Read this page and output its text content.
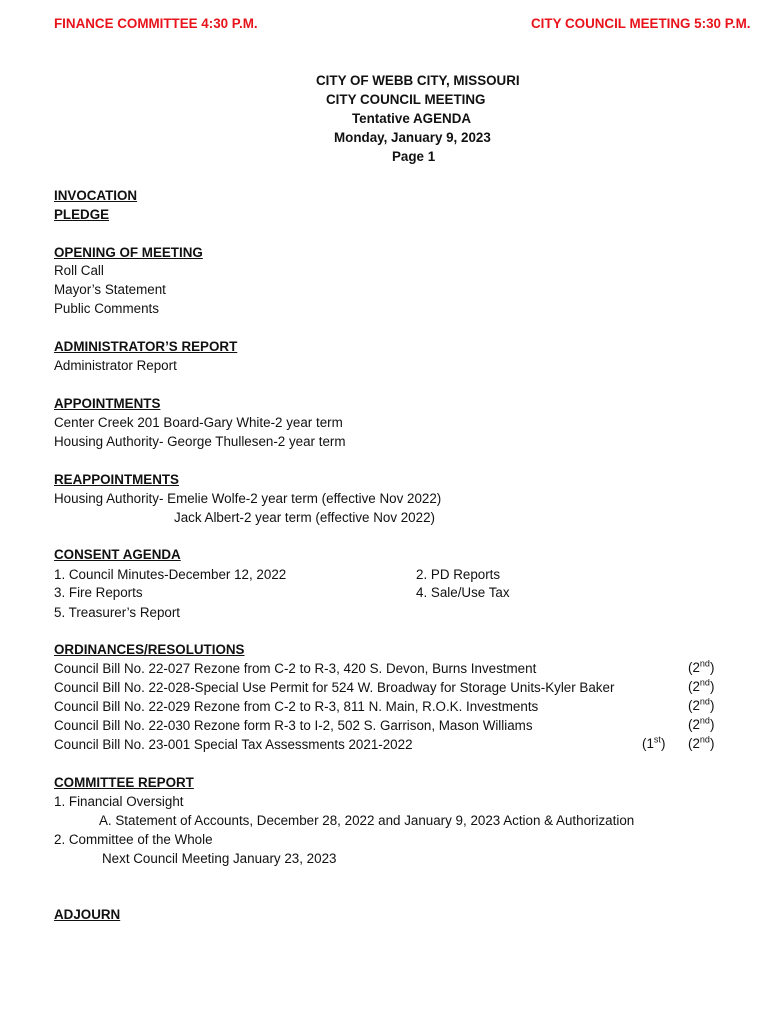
FINANCE COMMITTEE 4:30 P.M.	CITY COUNCIL MEETING 5:30 P.M.
CITY OF WEBB CITY, MISSOURI
CITY COUNCIL MEETING
Tentative AGENDA
Monday, January 9, 2023
Page 1
INVOCATION
PLEDGE
OPENING OF MEETING
Roll Call
Mayor’s Statement
Public Comments
ADMINISTRATOR’S REPORT
Administrator Report
APPOINTMENTS
Center Creek 201 Board-Gary White-2 year term
Housing Authority- George Thullesen-2 year term
REAPPOINTMENTS
Housing Authority- Emelie Wolfe-2 year term (effective Nov 2022)
Jack Albert-2 year term (effective Nov 2022)
CONSENT AGENDA
1. Council Minutes-December 12, 2022	2. PD Reports
3. Fire Reports	4. Sale/Use Tax
5. Treasurer’s Report
ORDINANCES/RESOLUTIONS
Council Bill No. 22-027 Rezone from C-2 to R-3, 420 S. Devon, Burns Investment	(2nd)
Council Bill No. 22-028-Special Use Permit for 524 W. Broadway for Storage Units-Kyler Baker	(2nd)
Council Bill No. 22-029 Rezone from C-2 to R-3, 811 N. Main, R.O.K. Investments	(2nd)
Council Bill No. 22-030 Rezone form R-3 to I-2, 502 S. Garrison, Mason Williams	(2nd)
Council Bill No. 23-001 Special Tax Assessments 2021-2022	(1st) (2nd)
COMMITTEE REPORT
1. Financial Oversight
A. Statement of Accounts, December 28, 2022 and January 9, 2023 Action & Authorization
2. Committee of the Whole
Next Council Meeting January 23, 2023
ADJOURN
